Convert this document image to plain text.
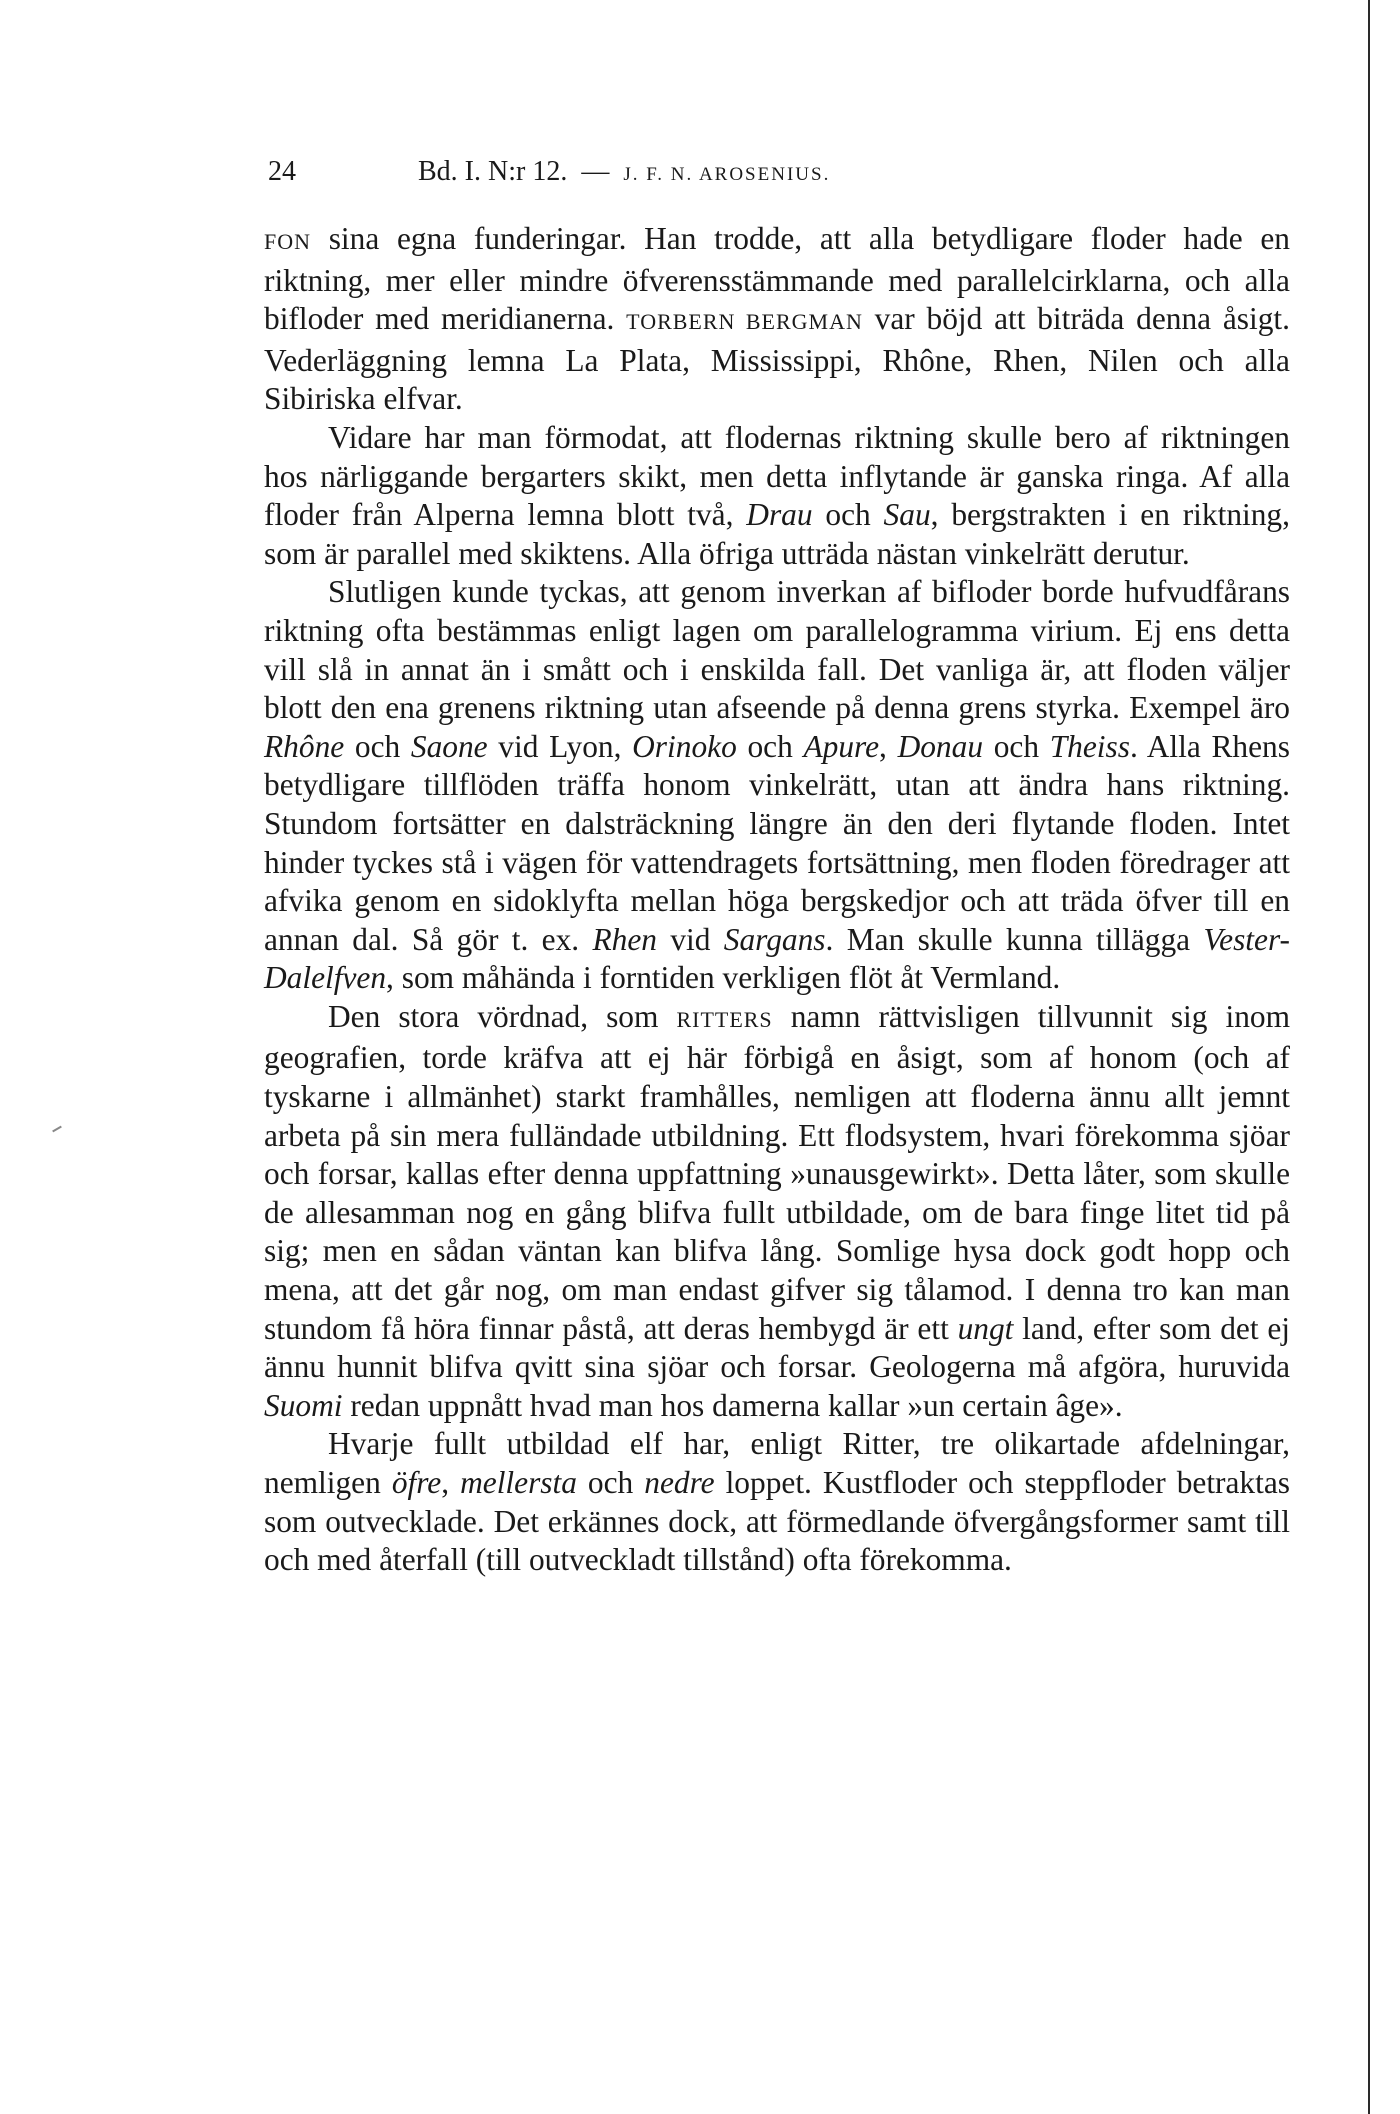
24	Bd. I. N:r 12. — J. F. N. AROSENIUS.

FON sina egna funderingar. Han trodde, att alla betydligare floder hade en riktning, mer eller mindre öfverensstämmande med parallelcirklarna, och alla bifloder med meridianerna. TORBERN BERGMAN var böjd att biträda denna åsigt. Vederläggning lemna La Plata, Mississippi, Rhône, Rhen, Nilen och alla Sibiriska elfvar.

Vidare har man förmodat, att flodernas riktning skulle bero af riktningen hos närliggande bergarters skikt, men detta inflytande är ganska ringa. Af alla floder från Alperna lemna blott två, Drau och Sau, bergstrakten i en riktning, som är parallel med skiktens. Alla öfriga utträda nästan vinkelrätt derutur.

Slutligen kunde tyckas, att genom inverkan af bifloder borde hufvudfårans riktning ofta bestämmas enligt lagen om parallelogramma virium. Ej ens detta vill slå in annat än i smått och i enskilda fall. Det vanliga är, att floden väljer blott den ena grenens riktning utan afseende på denna grens styrka. Exempel äro Rhône och Saone vid Lyon, Orinoko och Apure, Donau och Theiss. Alla Rhens betydligare tillflöden träffa honom vinkelrätt, utan att ändra hans riktning. Stundom fortsätter en dalsträckning längre än den deri flytande floden. Intet hinder tyckes stå i vägen för vattendragets fortsättning, men floden föredrager att afvika genom en sidoklyfta mellan höga bergskedjor och att träda öfver till en annan dal. Så gör t. ex. Rhen vid Sargans. Man skulle kunna tillägga Vester-Dalelfven, som måhända i forntiden verkligen flöt åt Vermland.

Den stora vördnad, som RITTERS namn rättvisligen tillvunnit sig inom geografien, torde kräfva att ej här förbigå en åsigt, som af honom (och af tyskarne i allmänhet) starkt framhålles, nemligen att floderna ännu allt jemnt arbeta på sin mera fulländade utbildning. Ett flodsystem, hvari förekomma sjöar och forsar, kallas efter denna uppfattning »unausgewirkt». Detta låter, som skulle de allesamman nog en gång blifva fullt utbildade, om de bara finge litet tid på sig; men en sådan väntan kan blifva lång. Somlige hysa dock godt hopp och mena, att det går nog, om man endast gifver sig tålamod. I denna tro kan man stundom få höra finnar påstå, att deras hembygd är ett ungt land, efter som det ej ännu hunnit blifva qvitt sina sjöar och forsar. Geologerna må afgöra, huruvida Suomi redan uppnått hvad man hos damerna kallar »un certain âge».

Hvarje fullt utbildad elf har, enligt Ritter, tre olikartade afdelningar, nemligen öfre, mellersta och nedre loppet. Kustfloder och steppfloder betraktas som outvecklade. Det erkännes dock, att förmedlande öfvergångsformer samt till och med återfall (till outveckladt tillstånd) ofta förekomma.
